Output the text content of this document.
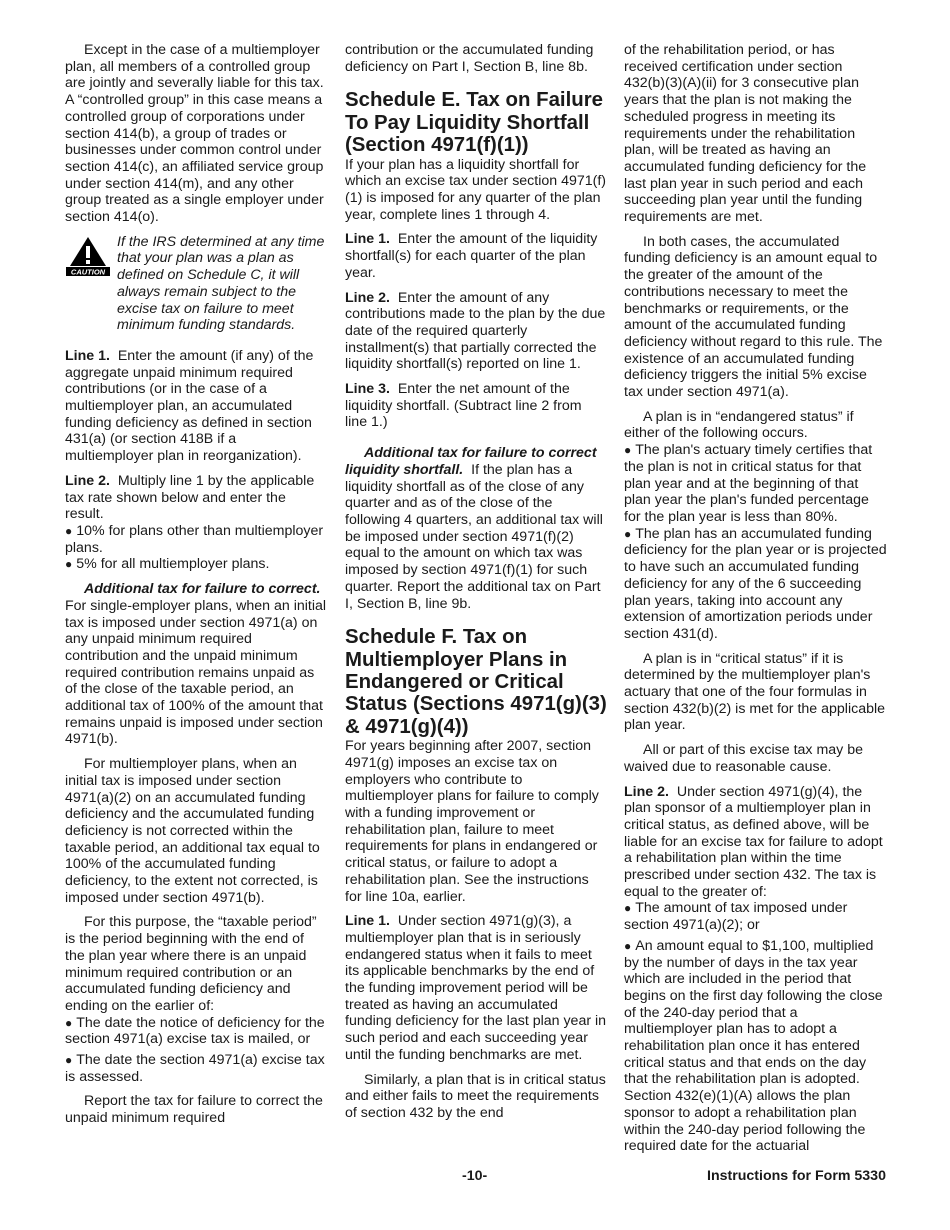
Except in the case of a multiemployer plan, all members of a controlled group are jointly and severally liable for this tax. A “controlled group” in this case means a controlled group of corporations under section 414(b), a group of trades or businesses under common control under section 414(c), an affiliated service group under section 414(m), and any other group treated as a single employer under section 414(o).

CAUTION
If the IRS determined at any time that your plan was a plan as defined on Schedule C, it will always remain subject to the excise tax on failure to meet minimum funding standards.

Line 1. Enter the amount (if any) of the aggregate unpaid minimum required contributions (or in the case of a multiemployer plan, an accumulated funding deficiency as defined in section 431(a) (or section 418B if a multiemployer plan in reorganization).

Line 2. Multiply line 1 by the applicable tax rate shown below and enter the result.

● 10% for plans other than multiemployer plans.
● 5% for all multiemployer plans.

Additional tax for failure to correct.  For single-employer plans, when an initial tax is imposed under section 4971(a) on any unpaid minimum required contribution and the unpaid minimum required contribution remains unpaid as of the close of the taxable period, an additional tax of 100% of the amount that remains unpaid is imposed under section 4971(b).

For multiemployer plans, when an initial tax is imposed under section 4971(a)(2) on an accumulated funding deficiency and the accumulated funding deficiency is not corrected within the taxable period, an additional tax equal to 100% of the accumulated funding deficiency, to the extent not corrected, is imposed under section 4971(b).

For this purpose, the “taxable period” is the period beginning with the end of the plan year where there is an unpaid minimum required contribution or an accumulated funding deficiency and ending on the earlier of:

● The date the notice of deficiency for the section 4971(a) excise tax is mailed, or
● The date the section 4971(a) excise tax is assessed.

Report the tax for failure to correct the unpaid minimum required

contribution or the accumulated funding deficiency on Part I, Section B, line 8b.

Schedule E. Tax on Failure To Pay Liquidity Shortfall (Section 4971(f)(1))

If your plan has a liquidity shortfall for which an excise tax under section 4971(f)(1) is imposed for any quarter of the plan year, complete lines 1 through 4.

Line 1. Enter the amount of the liquidity shortfall(s) for each quarter of the plan year.

Line 2. Enter the amount of any contributions made to the plan by the due date of the required quarterly installment(s) that partially corrected the liquidity shortfall(s) reported on line 1.

Line 3. Enter the net amount of the liquidity shortfall. (Subtract line 2 from line 1.)

Additional tax for failure to correct liquidity shortfall. If the plan has a liquidity shortfall as of the close of any quarter and as of the close of the following 4 quarters, an additional tax will be imposed under section 4971(f)(2) equal to the amount on which tax was imposed by section 4971(f)(1) for such quarter. Report the additional tax on Part I, Section B, line 9b.

Schedule F. Tax on Multiemployer Plans in Endangered or Critical Status (Sections 4971(g)(3) & 4971(g)(4))

For years beginning after 2007, section 4971(g) imposes an excise tax on employers who contribute to multiemployer plans for failure to comply with a funding improvement or rehabilitation plan, failure to meet requirements for plans in endangered or critical status, or failure to adopt a rehabilitation plan. See the instructions for line 10a, earlier.

Line 1. Under section 4971(g)(3), a multiemployer plan that is in seriously endangered status when it fails to meet its applicable benchmarks by the end of the funding improvement period will be treated as having an accumulated funding deficiency for the last plan year in such period and each succeeding year until the funding benchmarks are met.

Similarly, a plan that is in critical status and either fails to meet the requirements of section 432 by the end

of the rehabilitation period, or has received certification under section 432(b)(3)(A)(ii) for 3 consecutive plan years that the plan is not making the scheduled progress in meeting its requirements under the rehabilitation plan, will be treated as having an accumulated funding deficiency for the last plan year in such period and each succeeding plan year until the funding requirements are met.

In both cases, the accumulated funding deficiency is an amount equal to the greater of the amount of the contributions necessary to meet the benchmarks or requirements, or the amount of the accumulated funding deficiency without regard to this rule. The existence of an accumulated funding deficiency triggers the initial 5% excise tax under section 4971(a).

A plan is in “endangered status” if either of the following occurs.

● The plan's actuary timely certifies that the plan is not in critical status for that plan year and at the beginning of that plan year the plan's funded percentage for the plan year is less than 80%.
● The plan has an accumulated funding deficiency for the plan year or is projected to have such an accumulated funding deficiency for any of the 6 succeeding plan years, taking into account any extension of amortization periods under section 431(d).

A plan is in “critical status” if it is determined by the multiemployer plan's actuary that one of the four formulas in section 432(b)(2) is met for the applicable plan year.

All or part of this excise tax may be waived due to reasonable cause.

Line 2. Under section 4971(g)(4), the plan sponsor of a multiemployer plan in critical status, as defined above, will be liable for an excise tax for failure to adopt a rehabilitation plan within the time prescribed under section 432. The tax is equal to the greater of:

● The amount of tax imposed under section 4971(a)(2); or
● An amount equal to $1,100, multiplied by the number of days in the tax year which are included in the period that begins on the first day following the close of the 240-day period that a multiemployer plan has to adopt a rehabilitation plan once it has entered critical status and that ends on the day that the rehabilitation plan is adopted. Section 432(e)(1)(A) allows the plan sponsor to adopt a rehabilitation plan within the 240-day period following the required date for the actuarial
-10-	Instructions for Form 5330
